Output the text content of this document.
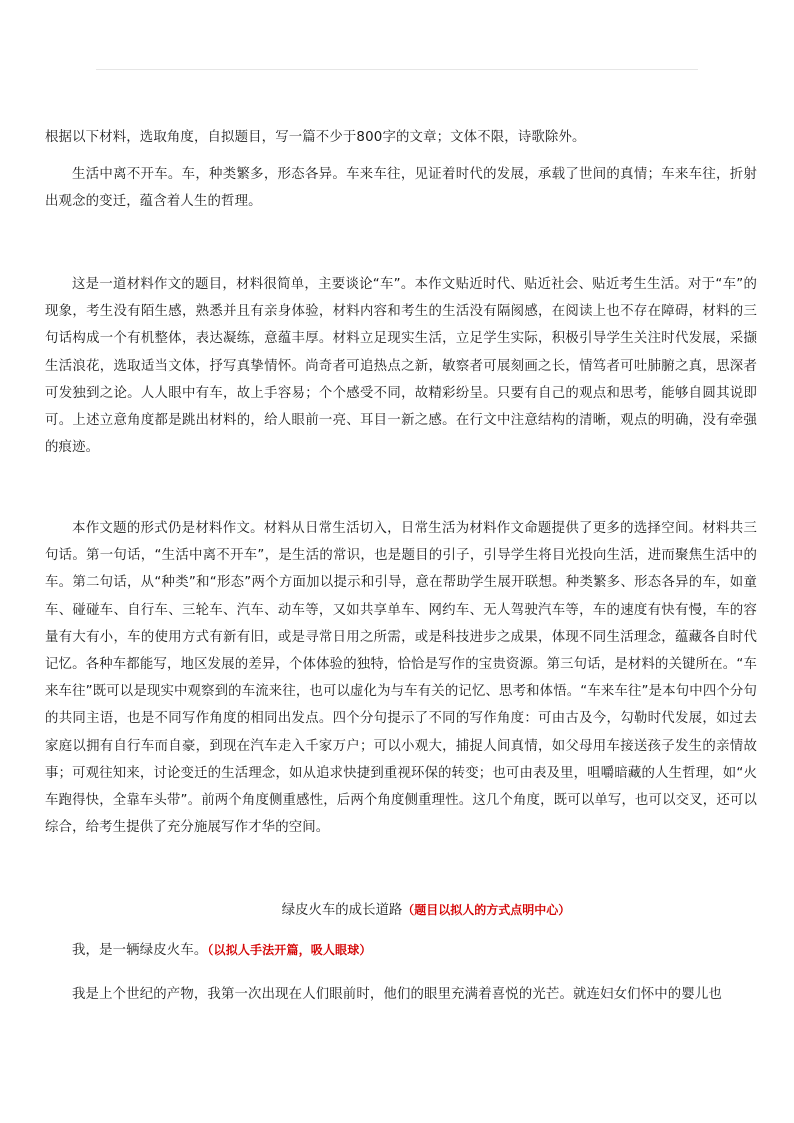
根据以下材料，选取角度，自拟题目，写一篇不少于800字的文章；文体不限，诗歌除外。

生活中离不开车。车，种类繁多，形态各异。车来车往，见证着时代的发展，承载了世间的真情；车来车往，折射出观念的变迁，蕴含着人生的哲理。

这是一道材料作文的题目，材料很简单，主要谈论“车”。本作文贴近时代、贴近社会、贴近考生生活。对于“车”的现象，考生没有陌生感，熟悉并且有亲身体验，材料内容和考生的生活没有隔阂感，在阅读上也不存在障碍，材料的三句话构成一个有机整体，表达凝练，意蕴丰厚。材料立足现实生活，立足学生实际，积极引导学生关注时代发展，采撷生活浪花，选取适当文体，抒写真挚情怀。尚奇者可追热点之新，敏察者可展刻画之长，情笃者可吐肺腑之真，思深者可发独到之论。人人眼中有车，故上手容易；个个感受不同，故精彩纷呈。只要有自己的观点和思考，能够自圆其说即可。上述立意角度都是跳出材料的，给人眼前一亮、耳目一新之感。在行文中注意结构的清晰，观点的明确，没有牵强的痕迹。

本作文题的形式仍是材料作文。材料从日常生活切入，日常生活为材料作文命题提供了更多的选择空间。材料共三句话。第一句话，“生活中离不开车”，是生活的常识，也是题目的引子，引导学生将目光投向生活，进而聚焦生活中的车。第二句话，从“种类”和“形态”两个方面加以提示和引导，意在帮助学生展开联想。种类繁多、形态各异的车，如童车、碰碰车、自行车、三轮车、汽车、动车等，又如共享单车、网约车、无人驾驶汽车等，车的速度有快有慢，车的容量有大有小，车的使用方式有新有旧，或是寻常日用之所需，或是科技进步之成果，体现不同生活理念，蕴藏各自时代记忆。各种车都能写，地区发展的差异，个体体验的独特，恰恰是写作的宝贵资源。第三句话，是材料的关键所在。“车来车往”既可以是现实中观察到的车流来往，也可以虚化为与车有关的记忆、思考和体悟。“车来车往”是本句中四个分句的共同主语，也是不同写作角度的相同出发点。四个分句提示了不同的写作角度：可由古及今，勾勒时代发展，如过去家庭以拥有自行车而自豪，到现在汽车走入千家万户；可以小观大，捕捉人间真情，如父母用车接送孩子发生的亲情故事；可观往知来，讨论变迁的生活理念，如从追求快捷到重视环保的转变；也可由表及里，咀嚼暗藏的人生哲理，如“火车跑得快，全靠车头带”。前两个角度侧重感性，后两个角度侧重理性。这几个角度，既可以单写，也可以交叉，还可以综合，给考生提供了充分施展写作才华的空间。

绿皮火车的成长道路（题目以拟人的方式点明中心）

我，是一辆绿皮火车。（以拟人手法开篇，吸人眼球）

我是上个世纪的产物，我第一次出现在人们眼前时，他们的眼里充满着喜悦的光芒。就连妇女们怀中的婴儿也
